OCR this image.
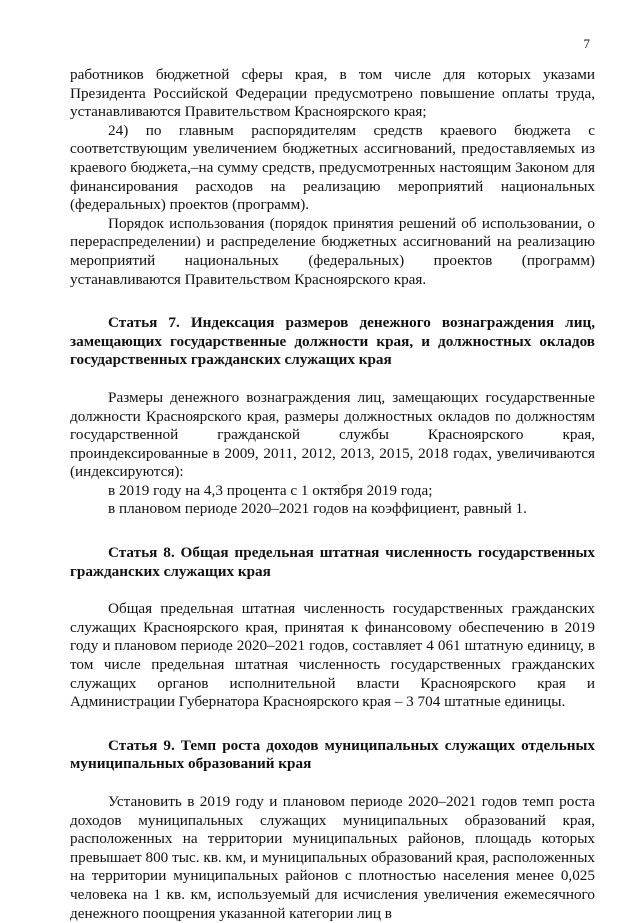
7

работников бюджетной сферы края, в том числе для которых указами Президента Российской Федерации предусмотрено повышение оплаты труда, устанавливаются Правительством Красноярского края;

24) по главным распорядителям средств краевого бюджета с соответствующим увеличением бюджетных ассигнований, предоставляемых из краевого бюджета,–на сумму средств, предусмотренных настоящим Законом для финансирования расходов на реализацию мероприятий национальных (федеральных) проектов (программ).

Порядок использования (порядок принятия решений об использовании, о перераспределении) и распределение бюджетных ассигнований на реализацию мероприятий национальных (федеральных) проектов (программ) устанавливаются Правительством Красноярского края.

Статья 7. Индексация размеров денежного вознаграждения лиц, замещающих государственные должности края, и должностных окладов государственных гражданских служащих края

Размеры денежного вознаграждения лиц, замещающих государственные должности Красноярского края, размеры должностных окладов по должностям государственной гражданской службы Красноярского края, проиндексированные в 2009, 2011, 2012, 2013, 2015, 2018 годах, увеличиваются (индексируются):

в 2019 году на 4,3 процента с 1 октября 2019 года;

в плановом периоде 2020–2021 годов на коэффициент, равный 1.

Статья 8. Общая предельная штатная численность государственных гражданских служащих края

Общая предельная штатная численность государственных гражданских служащих Красноярского края, принятая к финансовому обеспечению в 2019 году и плановом периоде 2020–2021 годов, составляет 4 061 штатную единицу, в том числе предельная штатная численность государственных гражданских служащих органов исполнительной власти Красноярского края и Администрации Губернатора Красноярского края – 3 704 штатные единицы.

Статья 9. Темп роста доходов муниципальных служащих отдельных муниципальных образований края

Установить в 2019 году и плановом периоде 2020–2021 годов темп роста доходов муниципальных служащих муниципальных образований края, расположенных на территории муниципальных районов, площадь которых превышает 800 тыс. кв. км, и муниципальных образований края, расположенных на территории муниципальных районов с плотностью населения менее 0,025 человека на 1 кв. км, используемый для исчисления увеличения ежемесячного денежного поощрения указанной категории лиц в
